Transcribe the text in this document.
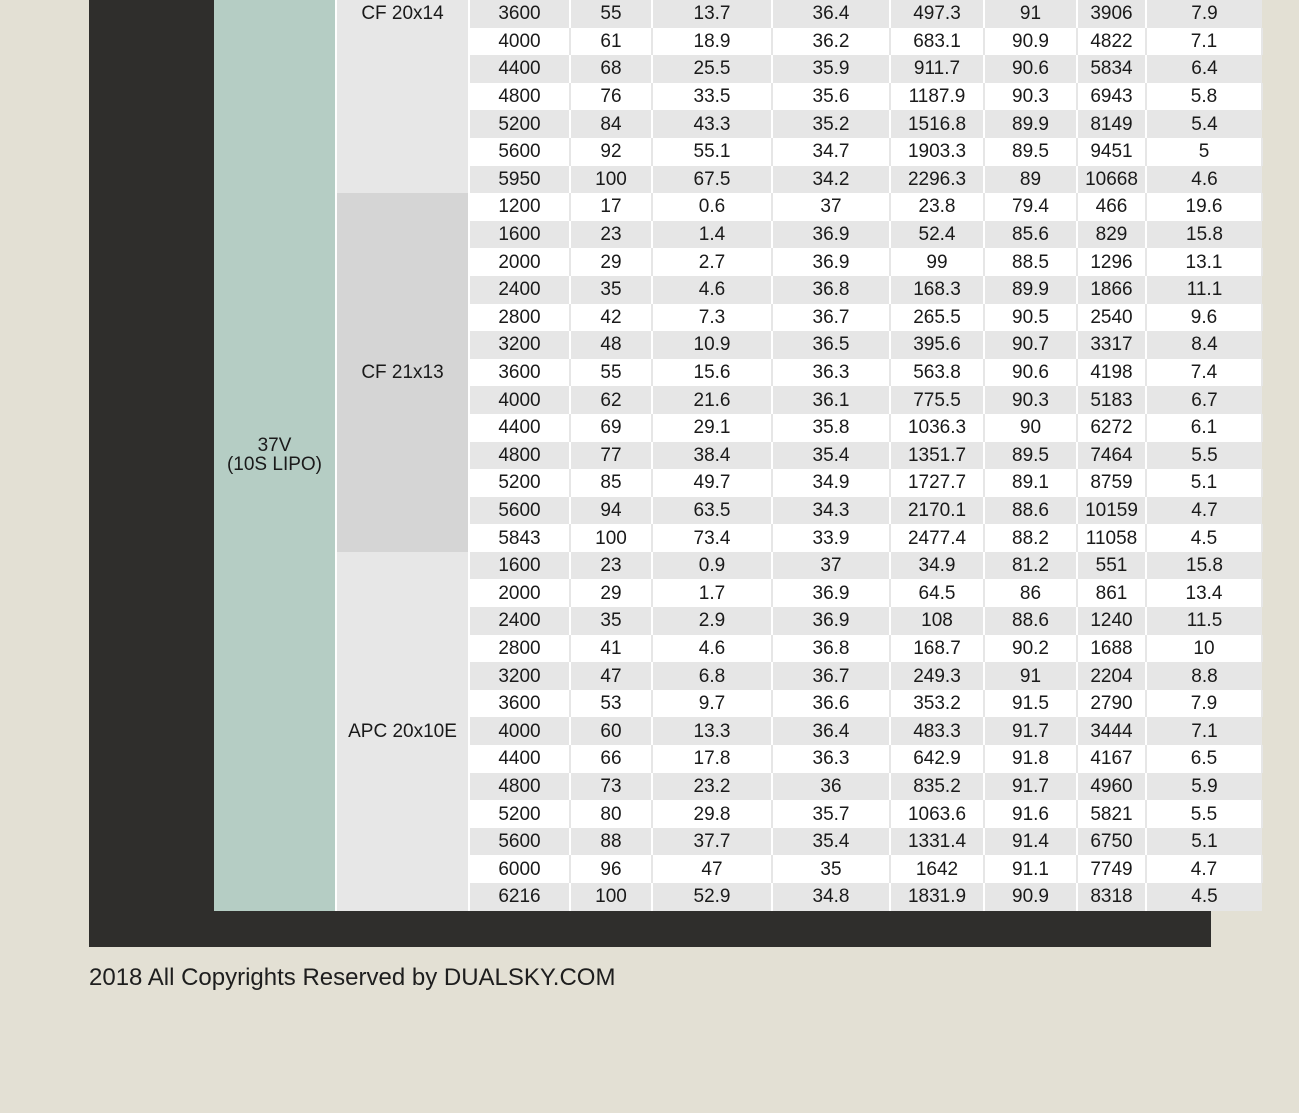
37V
(10S LIPO)	CF 20x14	3600	55	13.7	36.4	497.3	91	3906	7.9
		4000	61	18.9	36.2	683.1	90.9	4822	7.1
		4400	68	25.5	35.9	911.7	90.6	5834	6.4
		4800	76	33.5	35.6	1187.9	90.3	6943	5.8
		5200	84	43.3	35.2	1516.8	89.9	8149	5.4
		5600	92	55.1	34.7	1903.3	89.5	9451	5
		5950	100	67.5	34.2	2296.3	89	10668	4.6
	CF 21x13	1200	17	0.6	37	23.8	79.4	466	19.6
		1600	23	1.4	36.9	52.4	85.6	829	15.8
		2000	29	2.7	36.9	99	88.5	1296	13.1
		2400	35	4.6	36.8	168.3	89.9	1866	11.1
		2800	42	7.3	36.7	265.5	90.5	2540	9.6
		3200	48	10.9	36.5	395.6	90.7	3317	8.4
		3600	55	15.6	36.3	563.8	90.6	4198	7.4
		4000	62	21.6	36.1	775.5	90.3	5183	6.7
		4400	69	29.1	35.8	1036.3	90	6272	6.1
		4800	77	38.4	35.4	1351.7	89.5	7464	5.5
		5200	85	49.7	34.9	1727.7	89.1	8759	5.1
		5600	94	63.5	34.3	2170.1	88.6	10159	4.7
		5843	100	73.4	33.9	2477.4	88.2	11058	4.5
	APC 20x10E	1600	23	0.9	37	34.9	81.2	551	15.8
		2000	29	1.7	36.9	64.5	86	861	13.4
		2400	35	2.9	36.9	108	88.6	1240	11.5
		2800	41	4.6	36.8	168.7	90.2	1688	10
		3200	47	6.8	36.7	249.3	91	2204	8.8
		3600	53	9.7	36.6	353.2	91.5	2790	7.9
		4000	60	13.3	36.4	483.3	91.7	3444	7.1
		4400	66	17.8	36.3	642.9	91.8	4167	6.5
		4800	73	23.2	36	835.2	91.7	4960	5.9
		5200	80	29.8	35.7	1063.6	91.6	5821	5.5
		5600	88	37.7	35.4	1331.4	91.4	6750	5.1
		6000	96	47	35	1642	91.1	7749	4.7
		6216	100	52.9	34.8	1831.9	90.9	8318	4.5
2018 All Copyrights Reserved by DUALSKY.COM
